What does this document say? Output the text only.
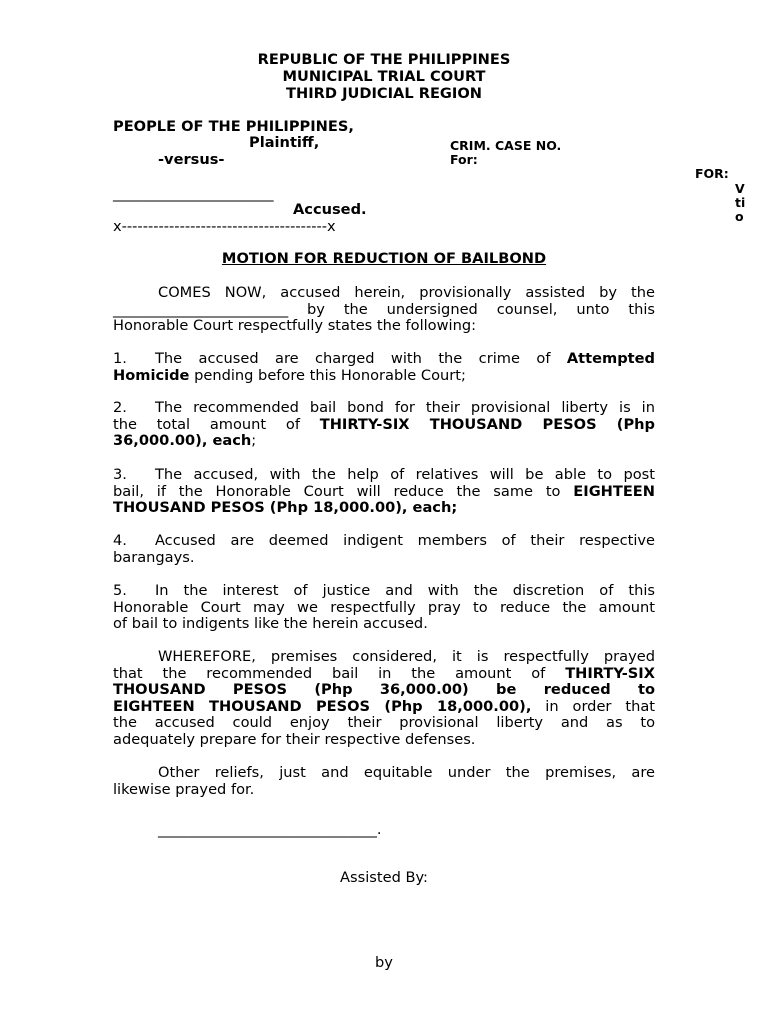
REPUBLIC OF THE PHILIPPINES
MUNICIPAL TRIAL COURT
THIRD JUDICIAL REGION
PEOPLE OF THE PHILIPPINES,
Plaintiff,
-versus-
CRIM. CASE NO.
For:
FOR:
V
ti
o
______________________
Accused.
x---------------------------------------x
MOTION FOR REDUCTION OF BAILBOND
COMES NOW, accused herein, provisionally assisted by the
________________________ by the undersigned counsel, unto this
Honorable Court respectfully states the following:
1. The accused are charged with the crime of Attempted
Homicide pending before this Honorable Court;
2. The recommended bail bond for their provisional liberty is in
the total amount of THIRTY-SIX THOUSAND PESOS (Php
36,000.00), each;
3. The accused, with the help of relatives will be able to post
bail, if the Honorable Court will reduce the same to EIGHTEEN
THOUSAND PESOS (Php 18,000.00), each;
4. Accused are deemed indigent members of their respective
barangays.
5. In the interest of justice and with the discretion of this
Honorable Court may we respectfully pray to reduce the amount
of bail to indigents like the herein accused.
WHEREFORE, premises considered, it is respectfully prayed
that the recommended bail in the amount of THIRTY-SIX
THOUSAND PESOS (Php 36,000.00) be reduced to
EIGHTEEN THOUSAND PESOS (Php 18,000.00), in order that
the accused could enjoy their provisional liberty and as to
adequately prepare for their respective defenses.
Other reliefs, just and equitable under the premises, are
likewise prayed for.
______________________________.
Assisted By:
by
